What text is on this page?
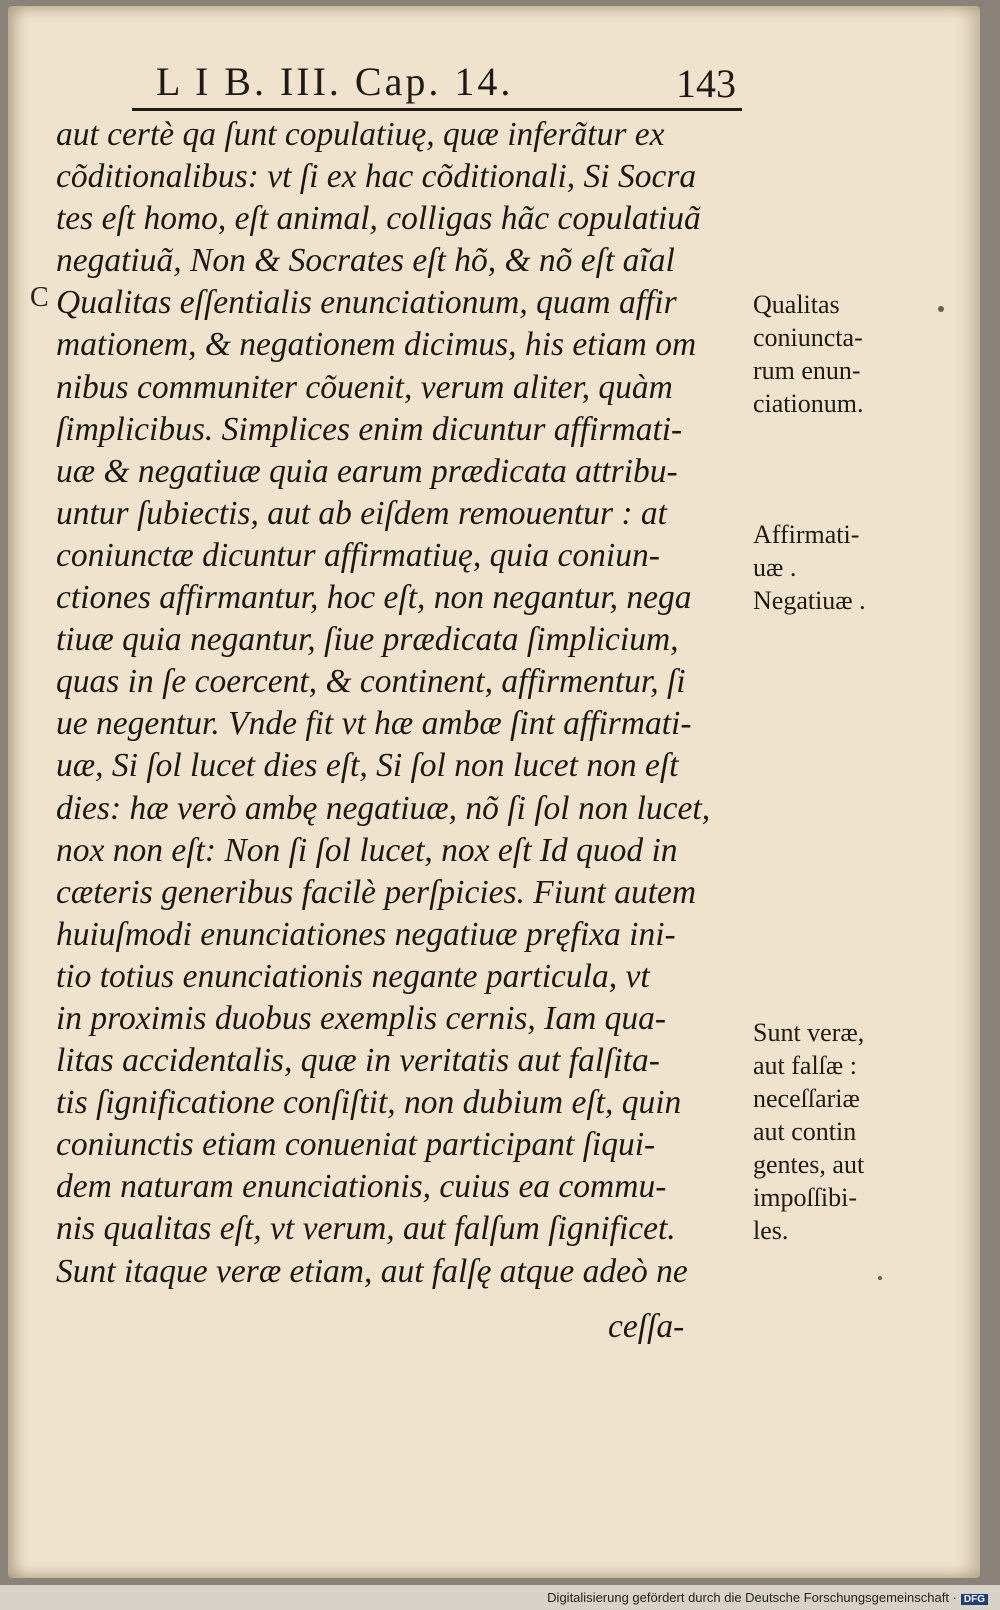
L I B. III. Cap. 14.	143
C
aut certè qa ſunt copulatiuę, quæ inferãtur ex
cõditionalibus: vt ſi ex hac cõditionali, Si Socra
tes eſt homo, eſt animal, colligas hãc copulatiuã
negatiuã, Non & Socrates eſt hõ, & nõ eſt aĩal
Qualitas eſſentialis enunciationum, quam affir
mationem, & negationem dicimus, his etiam om
nibus communiter cõuenit, verum aliter, quàm
ſimplicibus. Simplices enim dicuntur affirmati-
uæ & negatiuæ quia earum prædicata attribu-
untur ſubiectis, aut ab eiſdem remouentur : at
coniunctæ dicuntur affirmatiuę, quia coniun-
ctiones affirmantur, hoc eſt, non negantur, nega
tiuæ quia negantur, ſiue prædicata ſimplicium,
quas in ſe coercent, & continent, affirmentur, ſi
ue negentur. Vnde fit vt hæ ambæ ſint affirmati-
uæ, Si ſol lucet dies eſt, Si ſol non lucet non eſt
dies: hæ verò ambę negatiuæ, nõ ſi ſol non lucet,
nox non eſt: Non ſi ſol lucet, nox eſt Id quod in
cæteris generibus facilè perſpicies. Fiunt autem
huiuſmodi enunciationes negatiuæ pręfixa ini-
tio totius enunciationis negante particula, vt
in proximis duobus exemplis cernis, Iam qua-
litas accidentalis, quæ in veritatis aut falſita-
tis ſignificatione conſiſtit, non dubium eſt, quin
coniunctis etiam conueniat participant ſiqui-
dem naturam enunciationis, cuius ea commu-
nis qualitas eſt, vt verum, aut falſum ſignificet.
Sunt itaque veræ etiam, aut falſę atque adeò ne
ceſſa-
Qualitas
coniuncta-
rum enun-
ciationum.
Affirmati-
uæ .
Negatiuæ .
Sunt veræ,
aut falſæ :
neceſſariæ
aut contin
gentes, aut
impoſſibi-
les.
Digitalisierung gefördert durch die Deutsche Forschungsgemeinschaft · DFG
